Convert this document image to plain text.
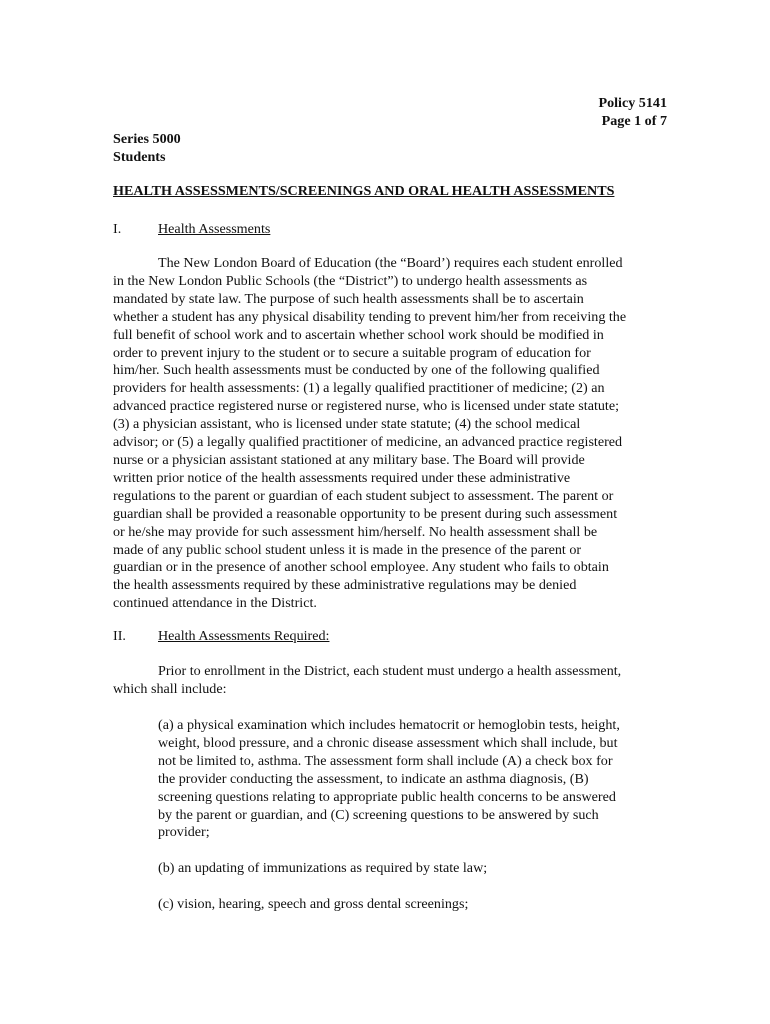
Policy 5141
Page 1 of 7
Series 5000
Students
HEALTH ASSESSMENTS/SCREENINGS AND ORAL HEALTH ASSESSMENTS
I.	Health Assessments
The New London Board of Education (the “Board’) requires each student enrolled
in the New London Public Schools (the “District”) to undergo health assessments as
mandated by state law. The purpose of such health assessments shall be to ascertain
whether a student has any physical disability tending to prevent him/her from receiving the
full benefit of school work and to ascertain whether school work should be modified in
order to prevent injury to the student or to secure a suitable program of education for
him/her. Such health assessments must be conducted by one of the following qualified
providers for health assessments: (1) a legally qualified practitioner of medicine; (2) an
advanced practice registered nurse or registered nurse, who is licensed under state statute;
(3) a physician assistant, who is licensed under state statute; (4) the school medical
advisor; or (5) a legally qualified practitioner of medicine, an advanced practice registered
nurse or a physician assistant stationed at any military base. The Board will provide
written prior notice of the health assessments required under these administrative
regulations to the parent or guardian of each student subject to assessment. The parent or
guardian shall be provided a reasonable opportunity to be present during such assessment
or he/she may provide for such assessment him/herself. No health assessment shall be
made of any public school student unless it is made in the presence of the parent or
guardian or in the presence of another school employee. Any student who fails to obtain
the health assessments required by these administrative regulations may be denied
continued attendance in the District.
II. Health Assessments Required:
Prior to enrollment in the District, each student must undergo a health assessment,
which shall include:
(a) a physical examination which includes hematocrit or hemoglobin tests, height,
weight, blood pressure, and a chronic disease assessment which shall include, but
not be limited to, asthma. The assessment form shall include (A) a check box for
the provider conducting the assessment, to indicate an asthma diagnosis, (B)
screening questions relating to appropriate public health concerns to be answered
by the parent or guardian, and (C) screening questions to be answered by such
provider;
(b) an updating of immunizations as required by state law;
(c) vision, hearing, speech and gross dental screenings;
